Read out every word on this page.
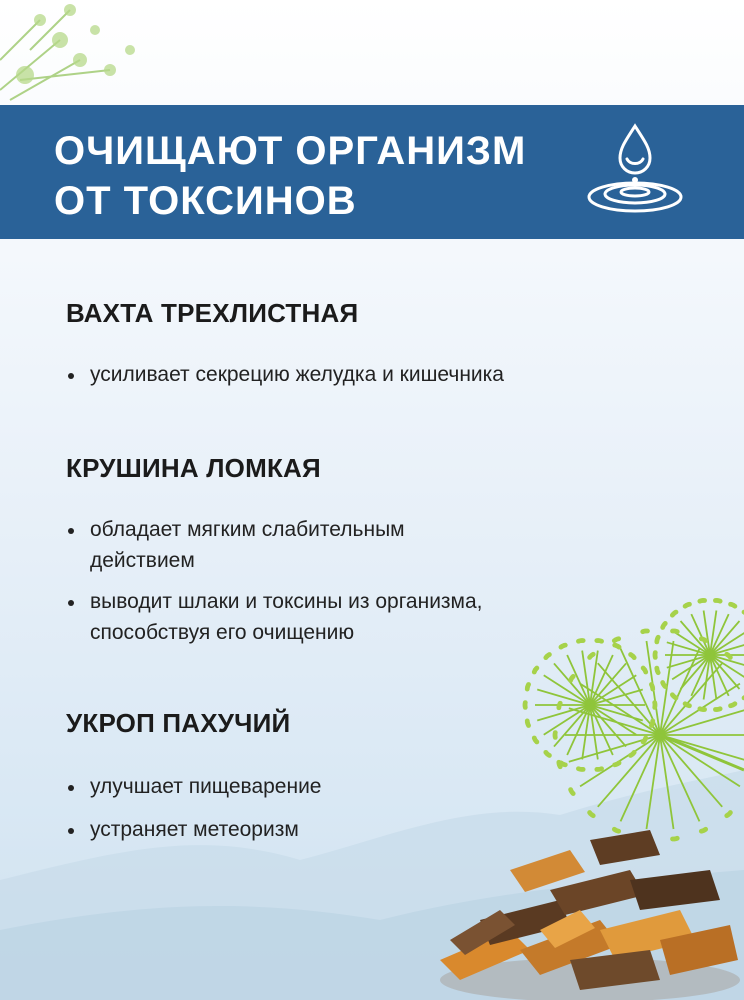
ОЧИЩАЮТ ОРГАНИЗМ
ОТ ТОКСИНОВ
ВАХТА ТРЕХЛИСТНАЯ
усиливает секрецию желудка и кишечника
КРУШИНА ЛОМКАЯ
обладает мягким слабительным действием
выводит шлаки и токсины из организма, способствуя его очищению
УКРОП ПАХУЧИЙ
улучшает пищеварение
устраняет метеоризм
